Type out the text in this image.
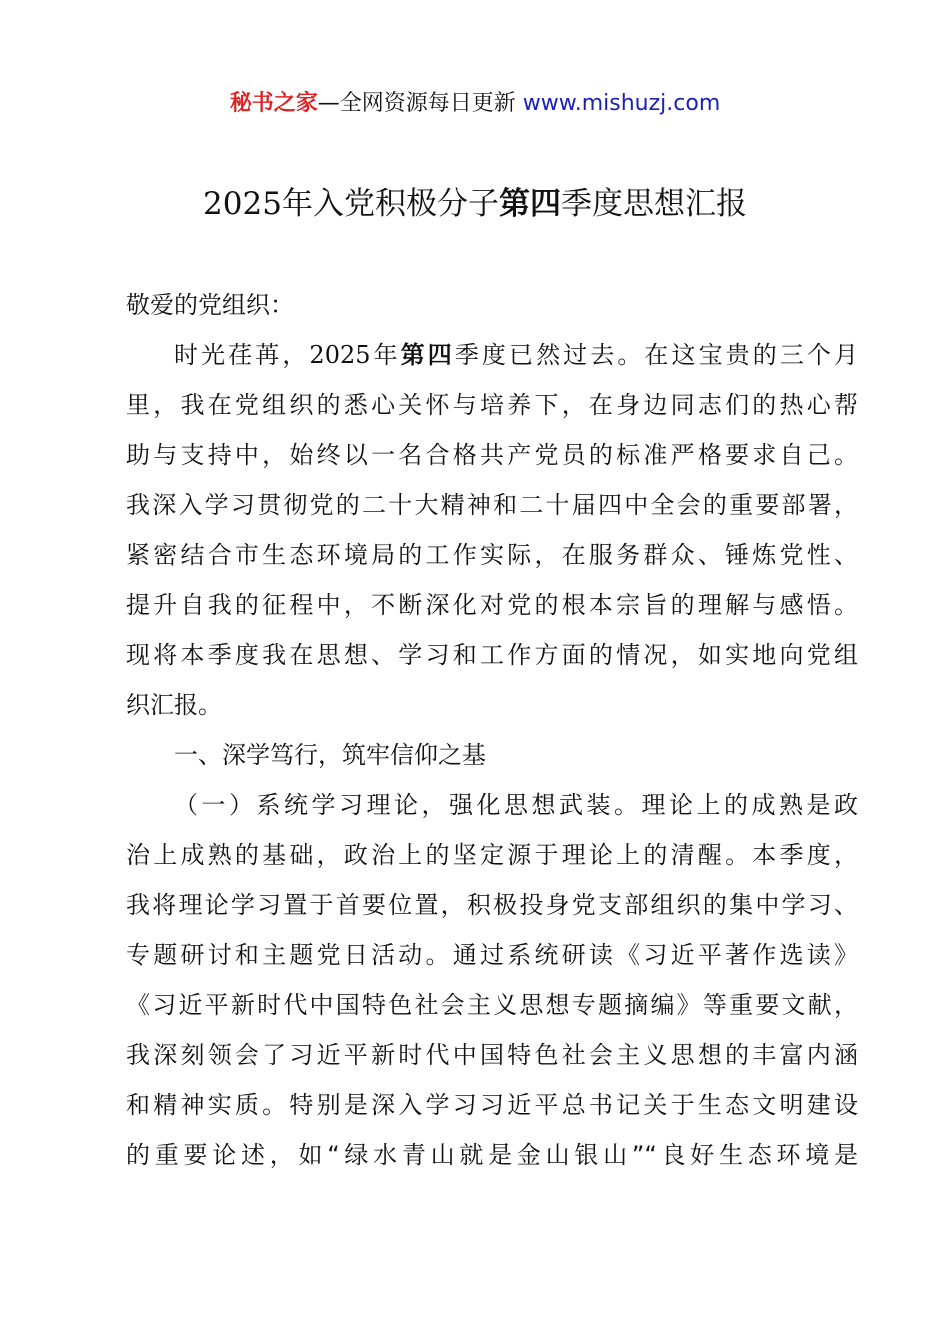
秘书之家—全网资源每日更新 www.mishuzj.com
2025年入党积极分子第四季度思想汇报
敬爱的党组织：
时光荏苒，2025年第四季度已然过去。在这宝贵的三个月
里，我在党组织的悉心关怀与培养下，在身边同志们的热心帮
助与支持中，始终以一名合格共产党员的标准严格要求自己。
我深入学习贯彻党的二十大精神和二十届四中全会的重要部署，
紧密结合市生态环境局的工作实际，在服务群众、锤炼党性、
提升自我的征程中，不断深化对党的根本宗旨的理解与感悟。
现将本季度我在思想、学习和工作方面的情况，如实地向党组
织汇报。
一、深学笃行，筑牢信仰之基
（一）系统学习理论，强化思想武装。理论上的成熟是政
治上成熟的基础，政治上的坚定源于理论上的清醒。本季度，
我将理论学习置于首要位置，积极投身党支部组织的集中学习、
专题研讨和主题党日活动。通过系统研读《习近平著作选读》
《习近平新时代中国特色社会主义思想专题摘编》等重要文献，
我深刻领会了习近平新时代中国特色社会主义思想的丰富内涵
和精神实质。特别是深入学习习近平总书记关于生态文明建设
的重要论述，如“绿水青山就是金山银山”“良好生态环境是
